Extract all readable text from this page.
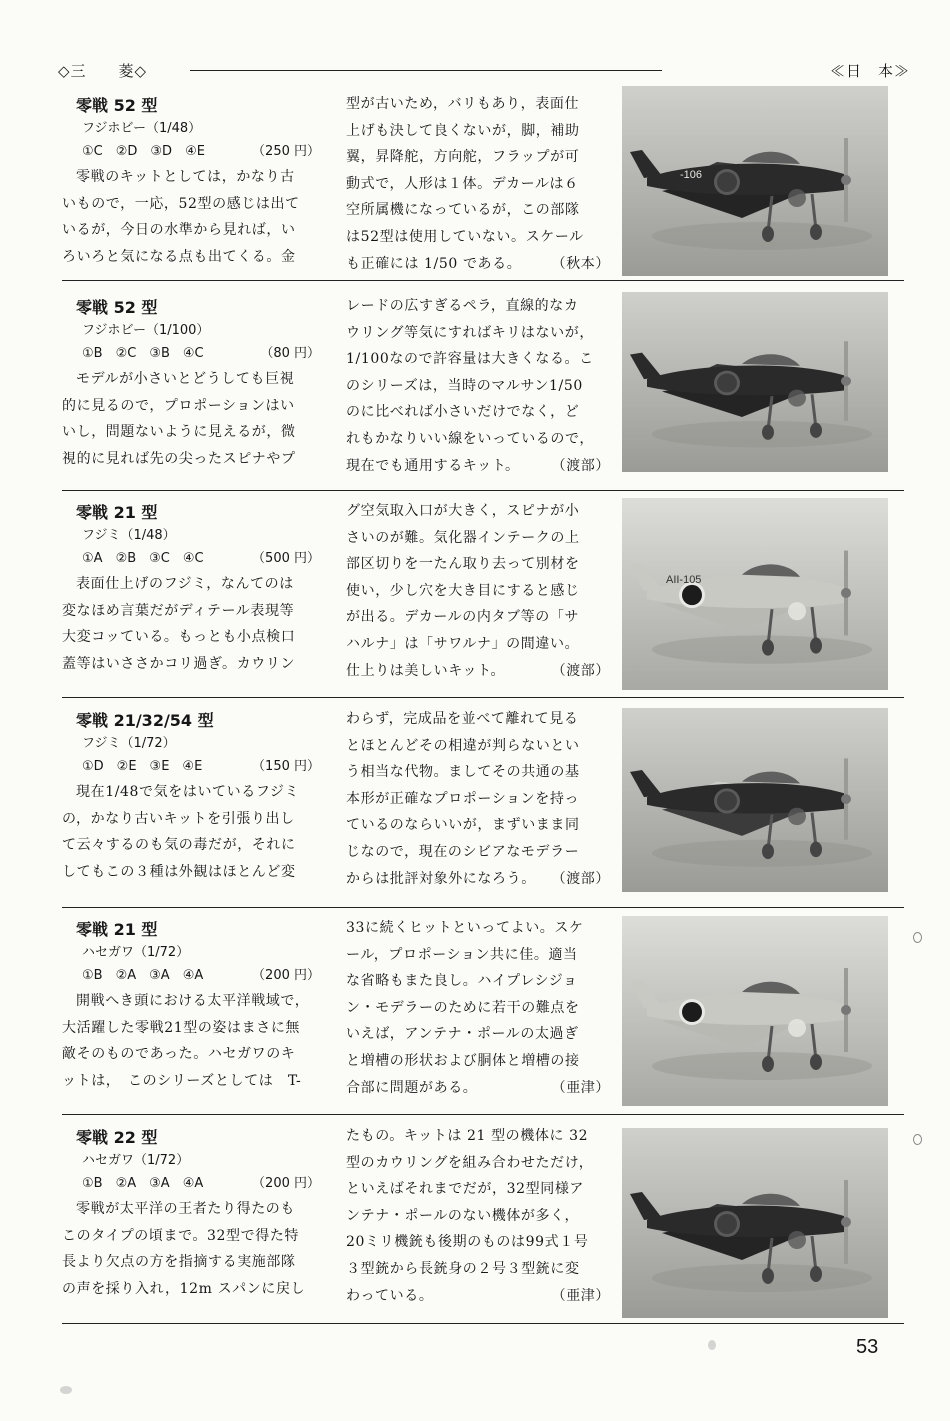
◇三　　菱◇	≪日　本≫
零戦 52 型
フジホビー（1/48）
①C ②D ③D ④E	（250 円）
零戦のキットとしては，かなり古
いもので，一応，52型の感じは出て
いるが，今日の水準から見れば，い
ろいろと気になる点も出てくる。金
型が古いため，バリもあり，表面仕
上げも決して良くないが，脚，補助
翼，昇降舵，方向舵，フラップが可
動式で，人形は１体。デカールは６
空所属機になっているが，この部隊
は52型は使用していない。スケール
も正確には 1/50 である。 （秋本）
-106
零戦 52 型
フジホビー（1/100）
①B ②C ③B ④C	（80 円）
モデルが小さいとどうしても巨視
的に見るので，プロポーションはい
いし，問題ないように見えるが，微
視的に見れば先の尖ったスピナやプ
レードの広すぎるペラ，直線的なカ
ウリング等気にすればキリはないが，
1/100なので許容量は大きくなる。こ
のシリーズは，当時のマルサン1/50
のに比べれば小さいだけでなく，ど
れもかなりいい線をいっているので，
現在でも通用するキット。 （渡部）
零戦 21 型
フジミ（1/48）
①A ②B ③C ④C	（500 円）
表面仕上げのフジミ，なんてのは
変なほめ言葉だがディテール表現等
大変コッている。もっとも小点検口
蓋等はいささかコリ過ぎ。カウリン
グ空気取入口が大きく，スピナが小
さいのが難。気化器インテークの上
部区切りを一たん取り去って別材を
使い，少し穴を大き目にすると感じ
が出る。デカールの内タブ等の「サ
ハルナ」は「サワルナ」の間違い。
仕上りは美しいキット。	（渡部）
AII-105
零戦 21/32/54 型
フジミ（1/72）
①D ②E ③E ④E	（150 円）
現在1/48で気をはいているフジミ
の，かなり古いキットを引張り出し
て云々するのも気の毒だが，それに
してもこの３種は外観はほとんど変
わらず，完成品を並べて離れて見る
とほとんどその相違が判らないとい
う相当な代物。ましてその共通の基
本形が正確なプロポーションを持っ
ているのならいいが，まずいまま同
じなので，現在のシビアなモデラー
からは批評対象外になろう。 （渡部）
零戦 21 型
ハセガワ（1/72）
①B ②A ③A ④A	（200 円）
開戦へき頭における太平洋戦域で，
大活躍した零戦21型の姿はまさに無
敵そのものであった。ハセガワのキ
ットは，　このシリーズとしては　T-
33に続くヒットといってよい。スケ
ール，プロポーション共に佳。適当
な省略もまた良し。ハイプレシジョ
ン・モデラーのために若干の難点を
いえば，アンテナ・ポールの太過ぎ
と増槽の形状および胴体と増槽の接
合部に問題がある。	（亜津）
零戦 22 型
ハセガワ（1/72）
①B ②A ③A ④A	（200 円）
零戦が太平洋の王者たり得たのも
このタイプの頃まで。32型で得た特
長より欠点の方を指摘する実施部隊
の声を採り入れ，12m スパンに戻し
たもの。キットは 21 型の機体に 32
型のカウリングを組み合わせただけ，
といえばそれまでだが，32型同様ア
ンテナ・ポールのない機体が多く，
20ミリ機銃も後期のものは99式１号
３型銃から長銃身の２号３型銃に変
わっている。	（亜津）
53
